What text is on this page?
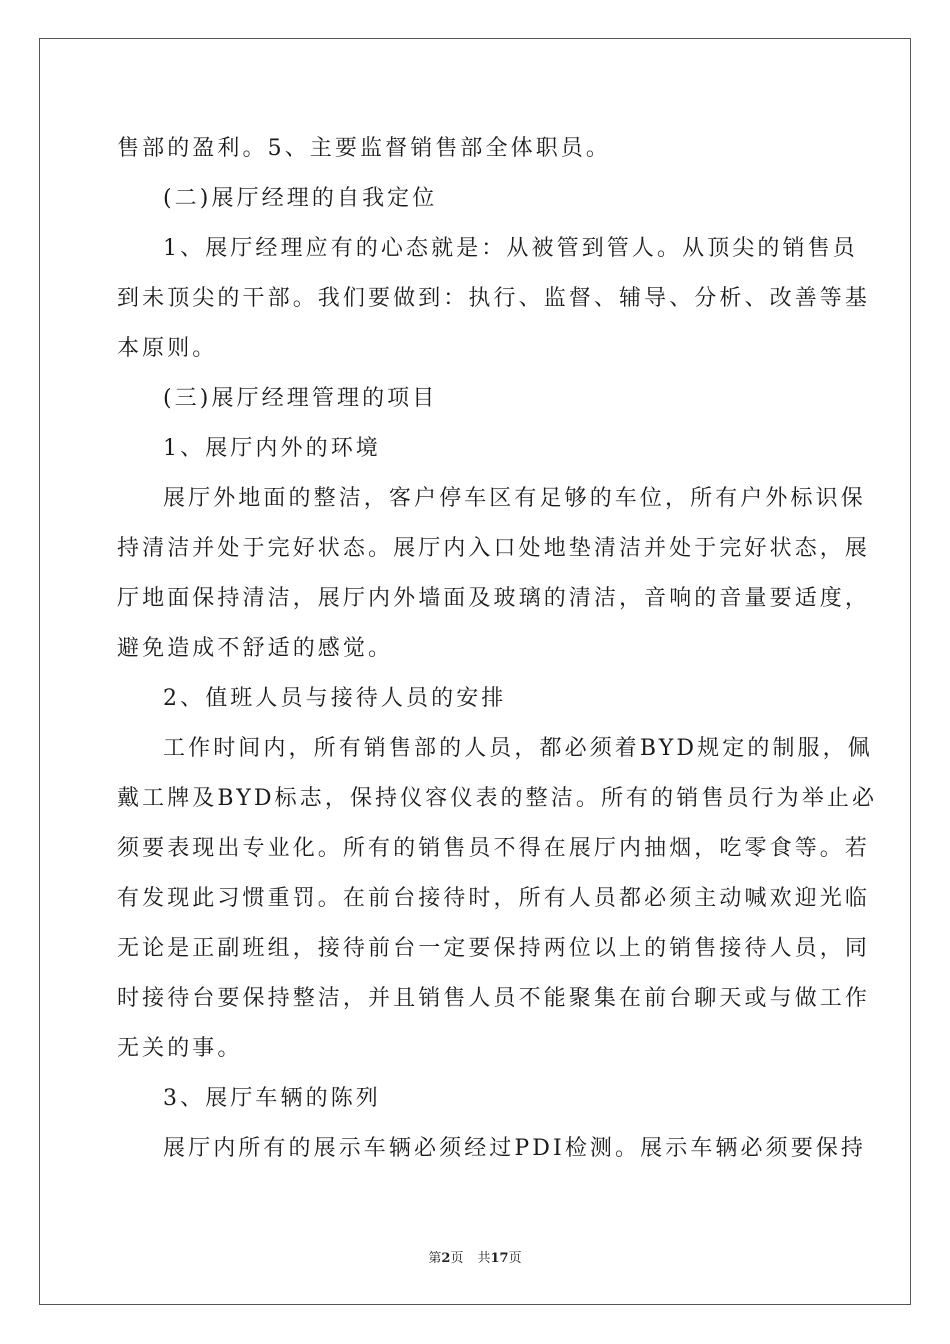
售部的盈利。5、主要监督销售部全体职员。
(二)展厅经理的自我定位
1、展厅经理应有的心态就是：从被管到管人。从顶尖的销售员
到未顶尖的干部。我们要做到：执行、监督、辅导、分析、改善等基
本原则。
(三)展厅经理管理的项目
1、展厅内外的环境
展厅外地面的整洁，客户停车区有足够的车位，所有户外标识保
持清洁并处于完好状态。展厅内入口处地垫清洁并处于完好状态，展
厅地面保持清洁，展厅内外墙面及玻璃的清洁，音响的音量要适度，
避免造成不舒适的感觉。
2、值班人员与接待人员的安排
工作时间内，所有销售部的人员，都必须着BYD规定的制服，佩
戴工牌及BYD标志，保持仪容仪表的整洁。所有的销售员行为举止必
须要表现出专业化。所有的销售员不得在展厅内抽烟，吃零食等。若
有发现此习惯重罚。在前台接待时，所有人员都必须主动喊欢迎光临
无论是正副班组，接待前台一定要保持两位以上的销售接待人员，同
时接待台要保持整洁，并且销售人员不能聚集在前台聊天或与做工作
无关的事。
3、展厅车辆的陈列
展厅内所有的展示车辆必须经过PDI检测。展示车辆必须要保持
第2页 共17页
